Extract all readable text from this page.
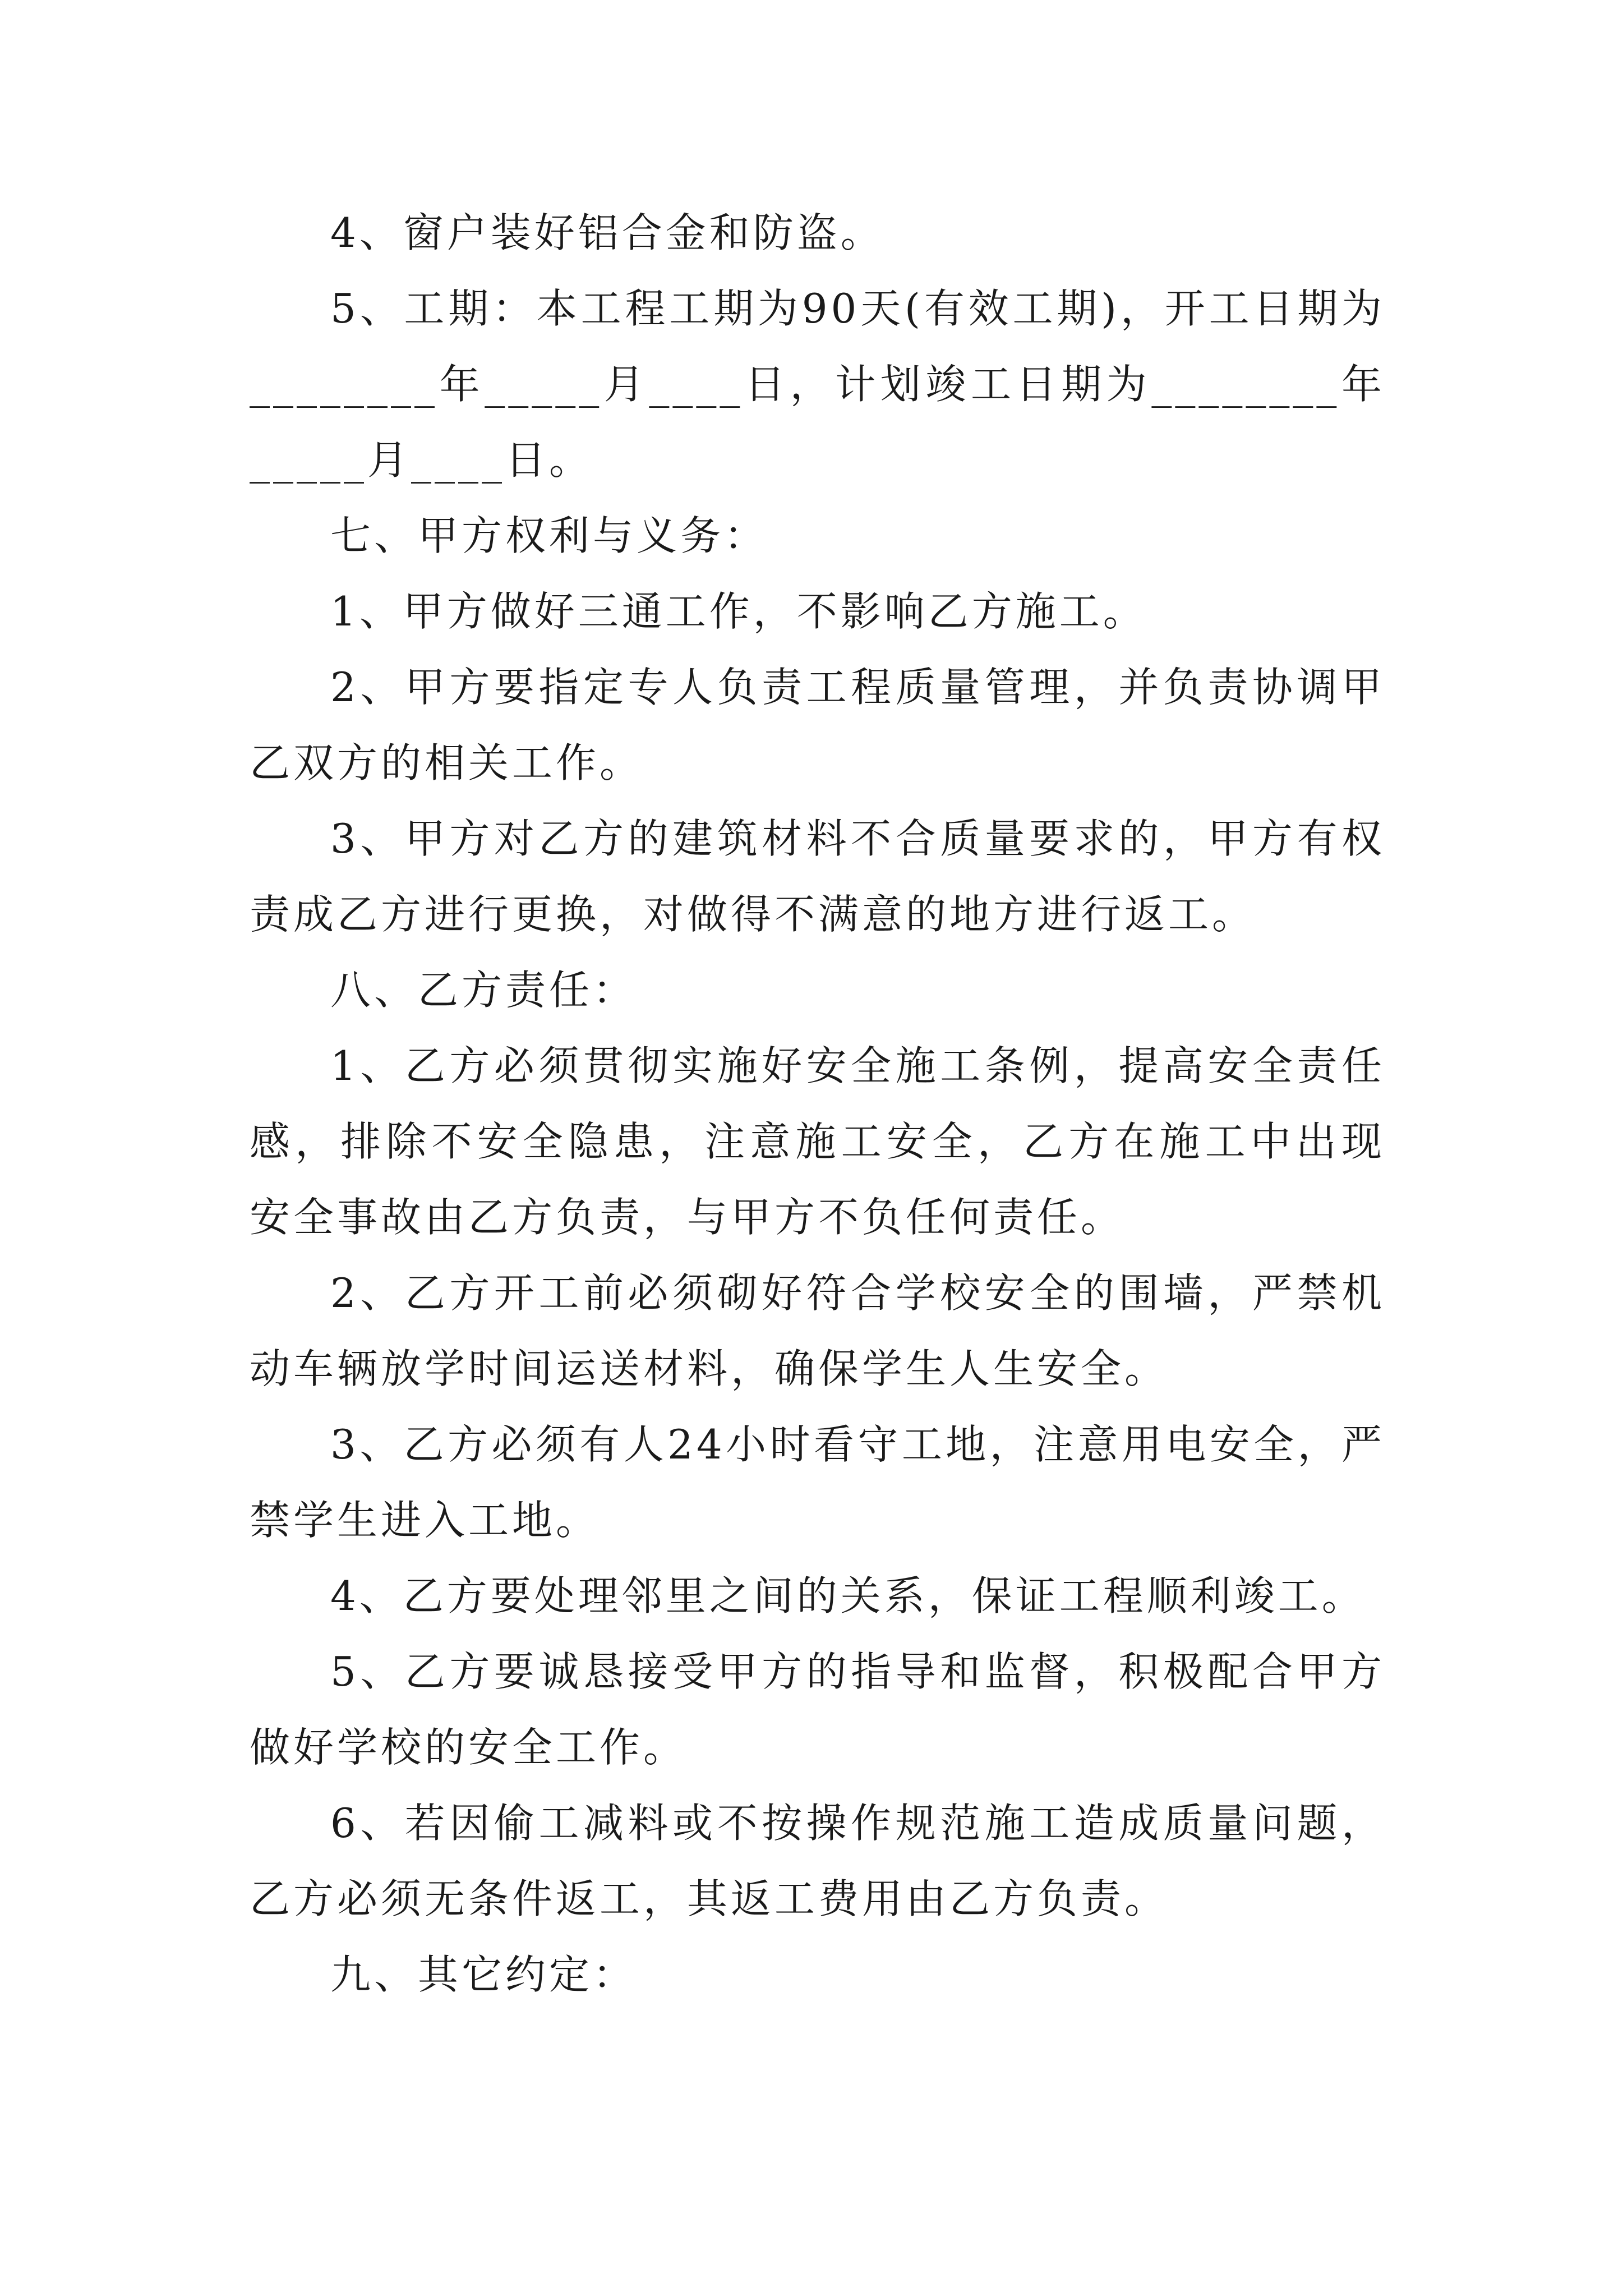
4、窗户装好铝合金和防盗。

5、工期：本工程工期为90天(有效工期)，开工日期为________年_____月____日，计划竣工日期为________年_____月____日。

七、甲方权利与义务：

1、甲方做好三通工作，不影响乙方施工。

2、甲方要指定专人负责工程质量管理，并负责协调甲乙双方的相关工作。

3、甲方对乙方的建筑材料不合质量要求的，甲方有权责成乙方进行更换，对做得不满意的地方进行返工。

八、乙方责任：

1、乙方必须贯彻实施好安全施工条例，提高安全责任感，排除不安全隐患，注意施工安全，乙方在施工中出现安全事故由乙方负责，与甲方不负任何责任。

2、乙方开工前必须砌好符合学校安全的围墙，严禁机动车辆放学时间运送材料，确保学生人生安全。

3、乙方必须有人24小时看守工地，注意用电安全，严禁学生进入工地。

4、乙方要处理邻里之间的关系，保证工程顺利竣工。

5、乙方要诚恳接受甲方的指导和监督，积极配合甲方做好学校的安全工作。

6、若因偷工减料或不按操作规范施工造成质量问题，乙方必须无条件返工，其返工费用由乙方负责。

九、其它约定：
